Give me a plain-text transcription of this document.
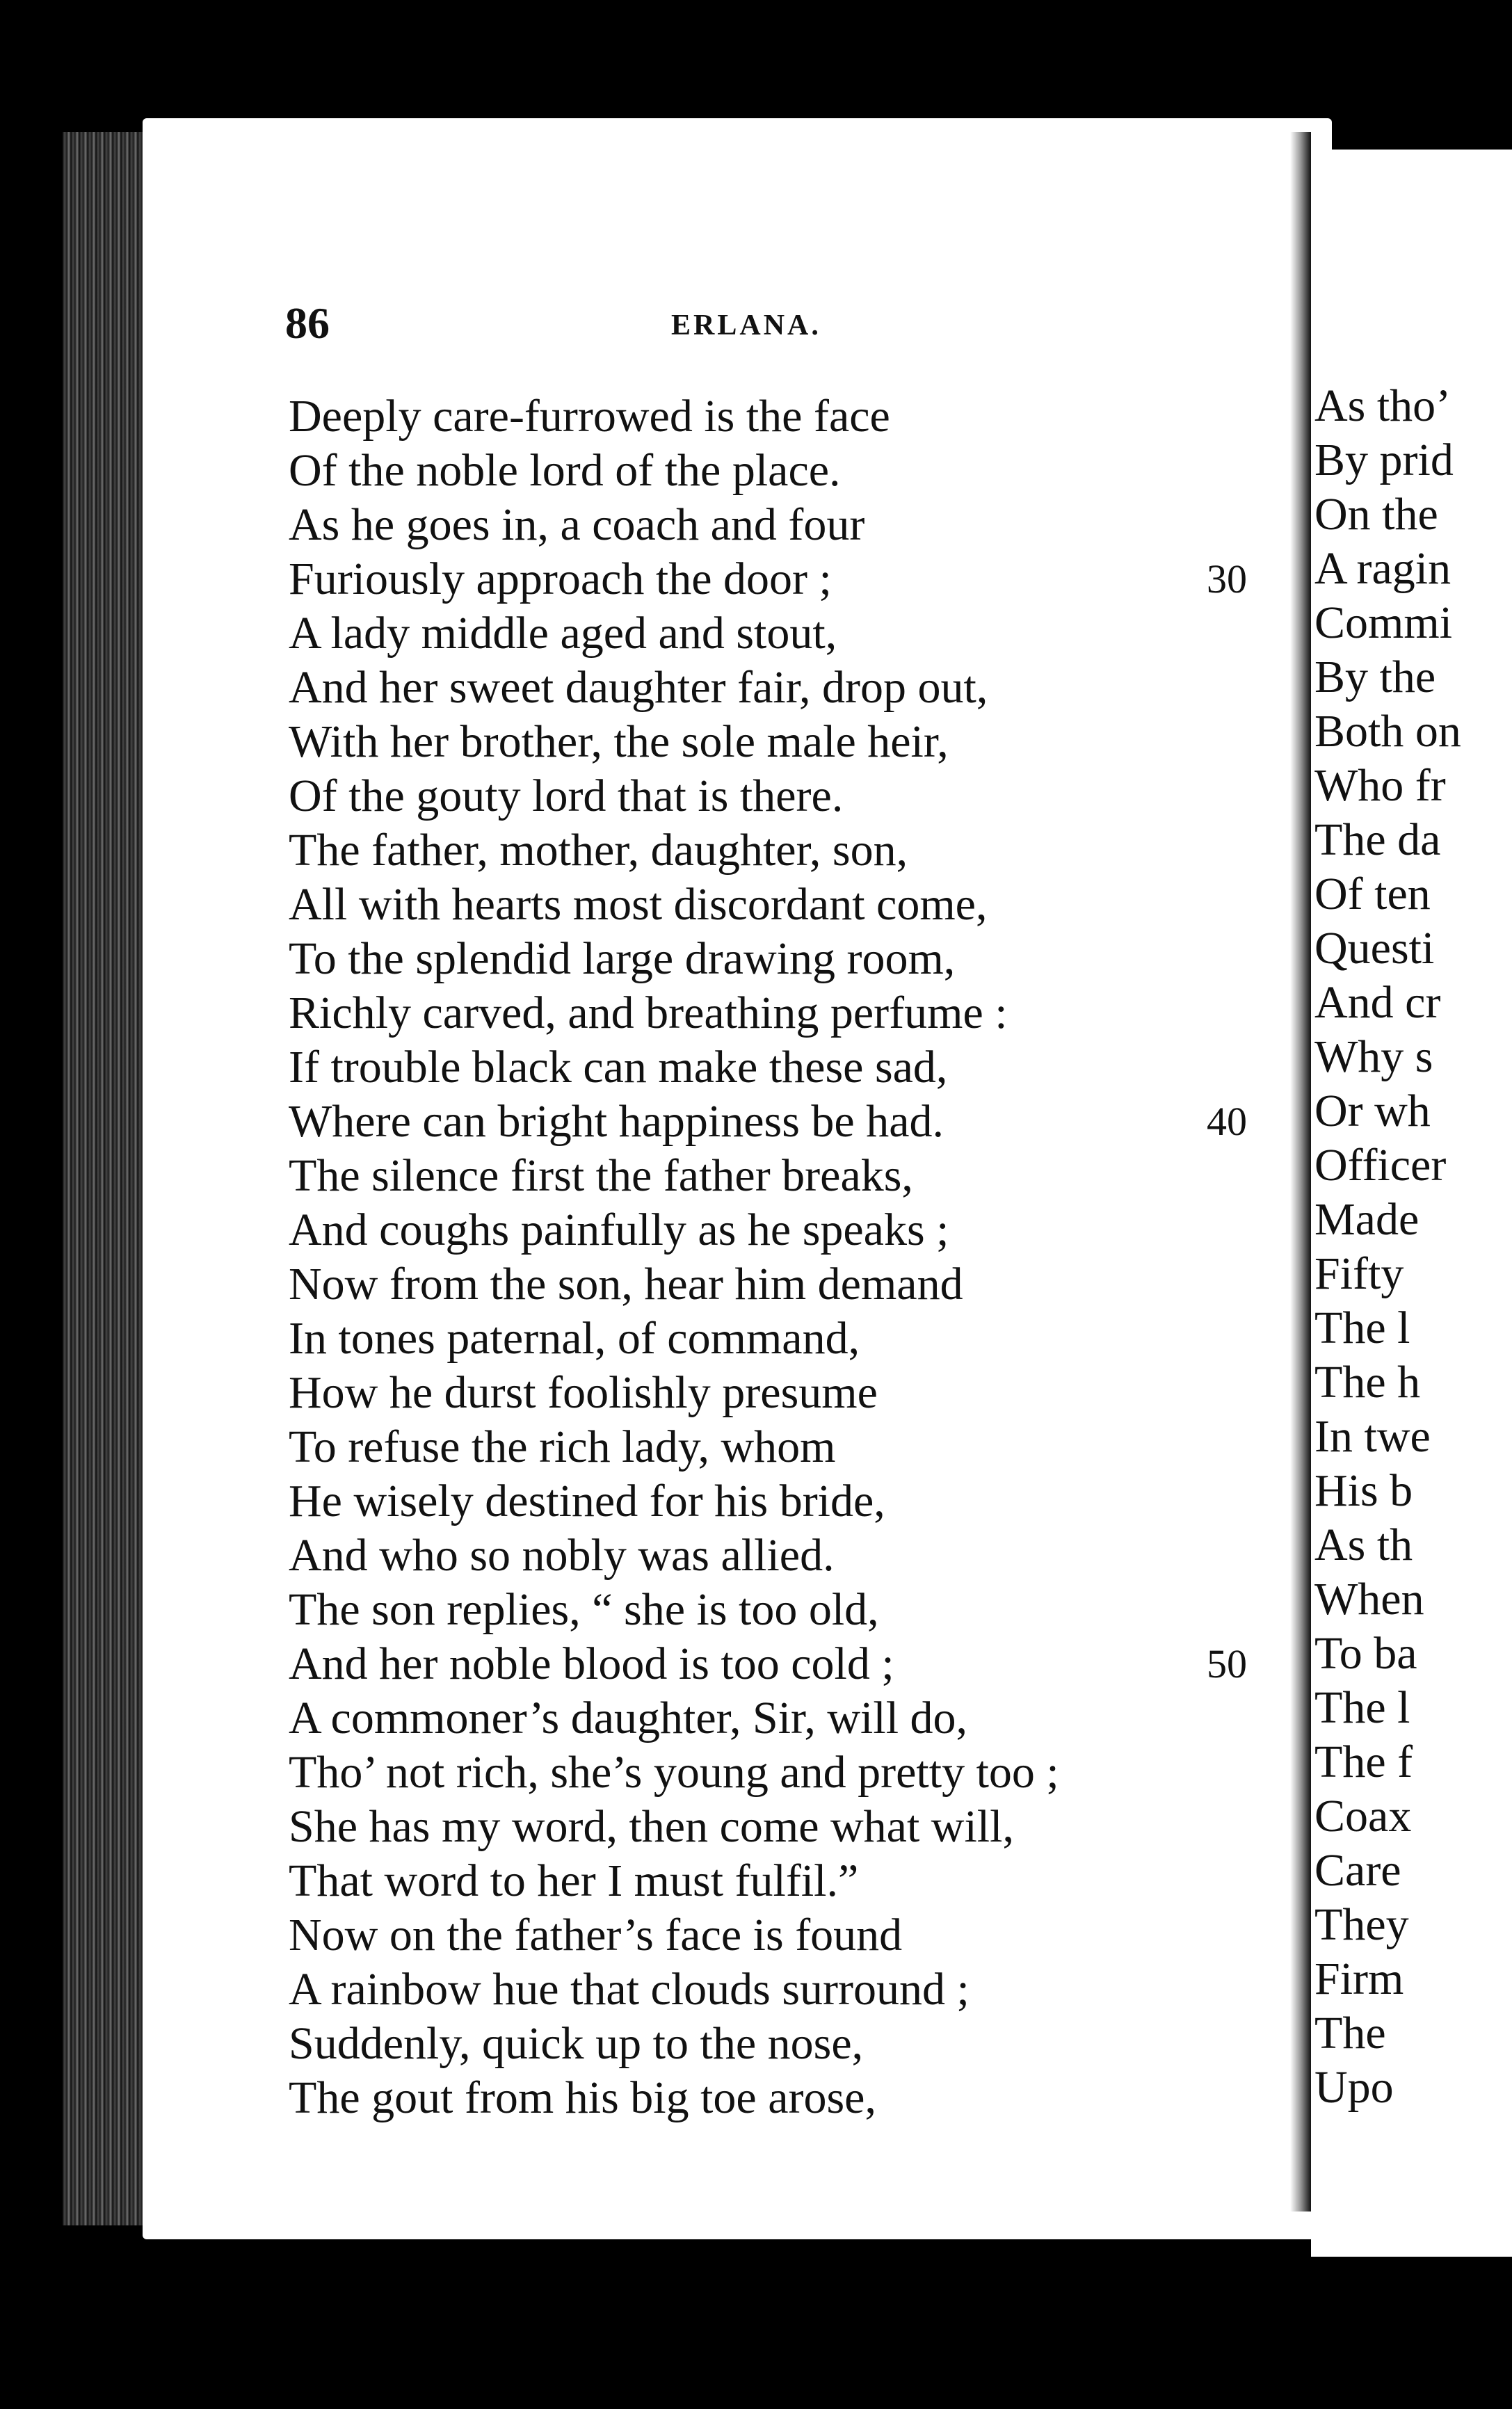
86	ERLANA.
Deeply care-furrowed is the face
Of the noble lord of the place.
As he goes in, a coach and four
Furiously approach the door ;	30
A lady middle aged and stout,
And her sweet daughter fair, drop out,
With her brother, the sole male heir,
Of the gouty lord that is there.
The father, mother, daughter, son,
All with hearts most discordant come,
To the splendid large drawing room,
Richly carved, and breathing perfume :
If trouble black can make these sad,
Where can bright happiness be had.	40
The silence first the father breaks,
And coughs painfully as he speaks ;
Now from the son, hear him demand
In tones paternal, of command,
How he durst foolishly presume
To refuse the rich lady, whom
He wisely destined for his bride,
And who so nobly was allied.
The son replies, “ she is too old,
And her noble blood is too cold ;	50
A commoner’s daughter, Sir, will do,
Tho’ not rich, she’s young and pretty too ;
She has my word, then come what will,
That word to her I must fulfil.”
Now on the father’s face is found
A rainbow hue that clouds surround ;
Suddenly, quick up to the nose,
The gout from his big toe arose,
As tho’
By prid
On the
A ragin
Commi
By the
Both on
Who fr
The da
Of ten
Questi
And cr
Why s
Or wh
Officer
Made
Fifty
The l
The h
In twe
His b
As th
When
To ba
The l
The f
Coax
Care
They
Firm
The
Upo
